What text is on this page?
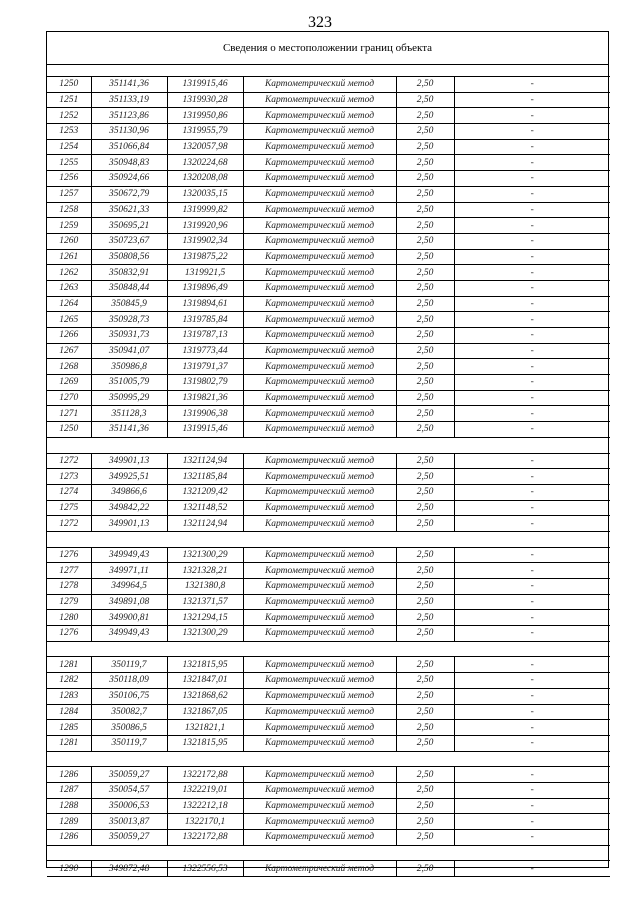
323
Сведения о местоположении границ объекта
1250	351141,36	1319915,46	Картометрический метод	2,50	-
1251	351133,19	1319930,28	Картометрический метод	2,50	-
1252	351123,86	1319950,86	Картометрический метод	2,50	-
1253	351130,96	1319955,79	Картометрический метод	2,50	-
1254	351066,84	1320057,98	Картометрический метод	2,50	-
1255	350948,83	1320224,68	Картометрический метод	2,50	-
1256	350924,66	1320208,08	Картометрический метод	2,50	-
1257	350672,79	1320035,15	Картометрический метод	2,50	-
1258	350621,33	1319999,82	Картометрический метод	2,50	-
1259	350695,21	1319920,96	Картометрический метод	2,50	-
1260	350723,67	1319902,34	Картометрический метод	2,50	-
1261	350808,56	1319875,22	Картометрический метод	2,50	-
1262	350832,91	1319921,5	Картометрический метод	2,50	-
1263	350848,44	1319896,49	Картометрический метод	2,50	-
1264	350845,9	1319894,61	Картометрический метод	2,50	-
1265	350928,73	1319785,84	Картометрический метод	2,50	-
1266	350931,73	1319787,13	Картометрический метод	2,50	-
1267	350941,07	1319773,44	Картометрический метод	2,50	-
1268	350986,8	1319791,37	Картометрический метод	2,50	-
1269	351005,79	1319802,79	Картометрический метод	2,50	-
1270	350995,29	1319821,36	Картометрический метод	2,50	-
1271	351128,3	1319906,38	Картометрический метод	2,50	-
1250	351141,36	1319915,46	Картометрический метод	2,50	-

1272	349901,13	1321124,94	Картометрический метод	2,50	-
1273	349925,51	1321185,84	Картометрический метод	2,50	-
1274	349866,6	1321209,42	Картометрический метод	2,50	-
1275	349842,22	1321148,52	Картометрический метод	2,50	-
1272	349901,13	1321124,94	Картометрический метод	2,50	-

1276	349949,43	1321300,29	Картометрический метод	2,50	-
1277	349971,11	1321328,21	Картометрический метод	2,50	-
1278	349964,5	1321380,8	Картометрический метод	2,50	-
1279	349891,08	1321371,57	Картометрический метод	2,50	-
1280	349900,81	1321294,15	Картометрический метод	2,50	-
1276	349949,43	1321300,29	Картометрический метод	2,50	-

1281	350119,7	1321815,95	Картометрический метод	2,50	-
1282	350118,09	1321847,01	Картометрический метод	2,50	-
1283	350106,75	1321868,62	Картометрический метод	2,50	-
1284	350082,7	1321867,05	Картометрический метод	2,50	-
1285	350086,5	1321821,1	Картометрический метод	2,50	-
1281	350119,7	1321815,95	Картометрический метод	2,50	-

1286	350059,27	1322172,88	Картометрический метод	2,50	-
1287	350054,57	1322219,01	Картометрический метод	2,50	-
1288	350006,53	1322212,18	Картометрический метод	2,50	-
1289	350013,87	1322170,1	Картометрический метод	2,50	-
1286	350059,27	1322172,88	Картометрический метод	2,50	-

1290	349872,48	1322556,53	Картометрический метод	2,50	-
